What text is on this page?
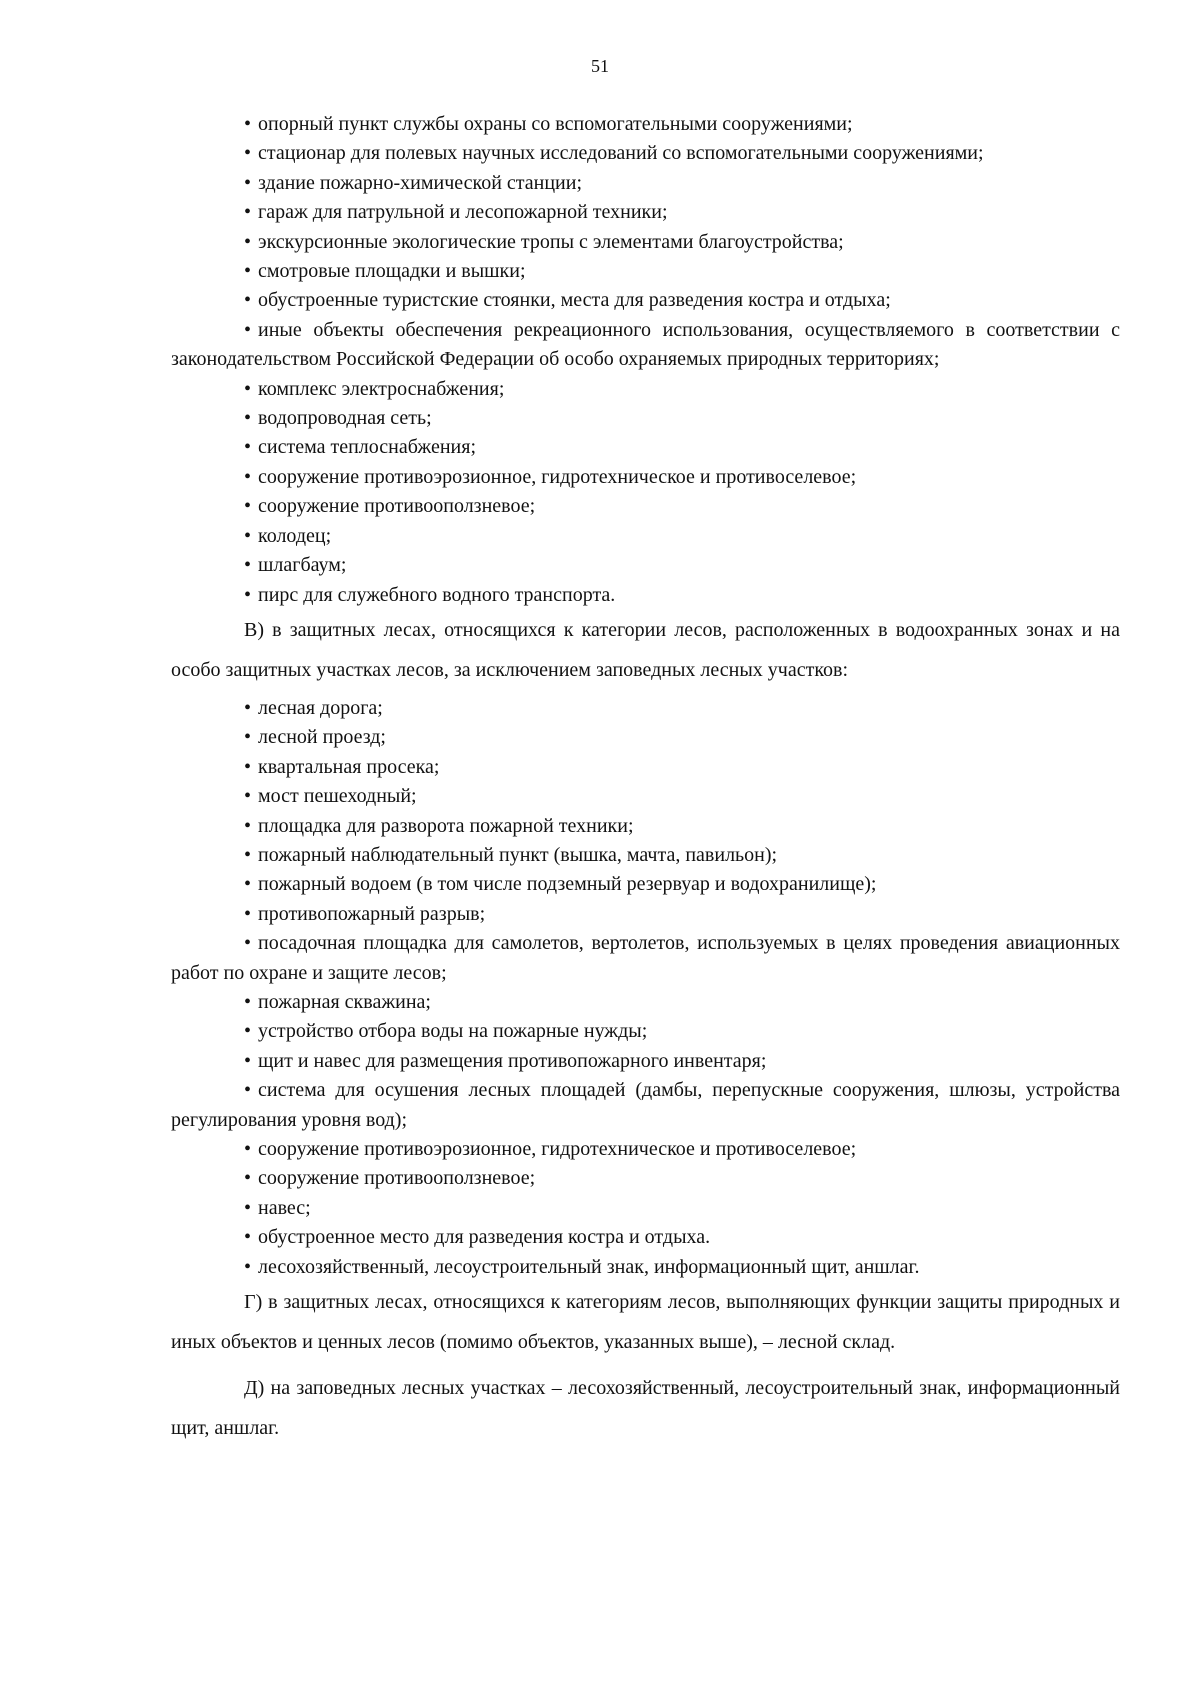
51

• опорный пункт службы охраны со вспомогательными сооружениями;

• стационар для полевых научных исследований со вспомогательными сооружениями;

• здание пожарно-химической станции;

• гараж для патрульной и лесопожарной техники;

• экскурсионные экологические тропы с элементами благоустройства;

• смотровые площадки и вышки;

• обустроенные туристские стоянки, места для разведения костра и отдыха;

• иные объекты обеспечения рекреационного использования, осуществляемого в соответствии с законодательством Российской Федерации об особо охраняемых природных территориях;

• комплекс электроснабжения;

• водопроводная сеть;

• система теплоснабжения;

• сооружение противоэрозионное, гидротехническое и противоселевое;

• сооружение противооползневое;

• колодец;

• шлагбаум;

• пирс для служебного водного транспорта.

В) в защитных лесах, относящихся к категории лесов, расположенных в водоохранных зонах и на особо защитных участках лесов, за исключением заповедных лесных участков:

• лесная дорога;

• лесной проезд;

• квартальная просека;

• мост пешеходный;

• площадка для разворота пожарной техники;

• пожарный наблюдательный пункт (вышка, мачта, павильон);

• пожарный водоем (в том числе подземный резервуар и водохранилище);

• противопожарный разрыв;

• посадочная площадка для самолетов, вертолетов, используемых в целях проведения авиационных работ по охране и защите лесов;

• пожарная скважина;

• устройство отбора воды на пожарные нужды;

• щит и навес для размещения противопожарного инвентаря;

• система для осушения лесных площадей (дамбы, перепускные сооружения, шлюзы, устройства регулирования уровня вод);

• сооружение противоэрозионное, гидротехническое и противоселевое;

• сооружение противооползневое;

• навес;

• обустроенное место для разведения костра и отдыха.

• лесохозяйственный, лесоустроительный знак, информационный щит, аншлаг.

Г) в защитных лесах, относящихся к категориям лесов, выполняющих функции защиты природных и иных объектов и ценных лесов (помимо объектов, указанных выше), – лесной склад.

Д) на заповедных лесных участках – лесохозяйственный, лесоустроительный знак, информационный щит, аншлаг.
